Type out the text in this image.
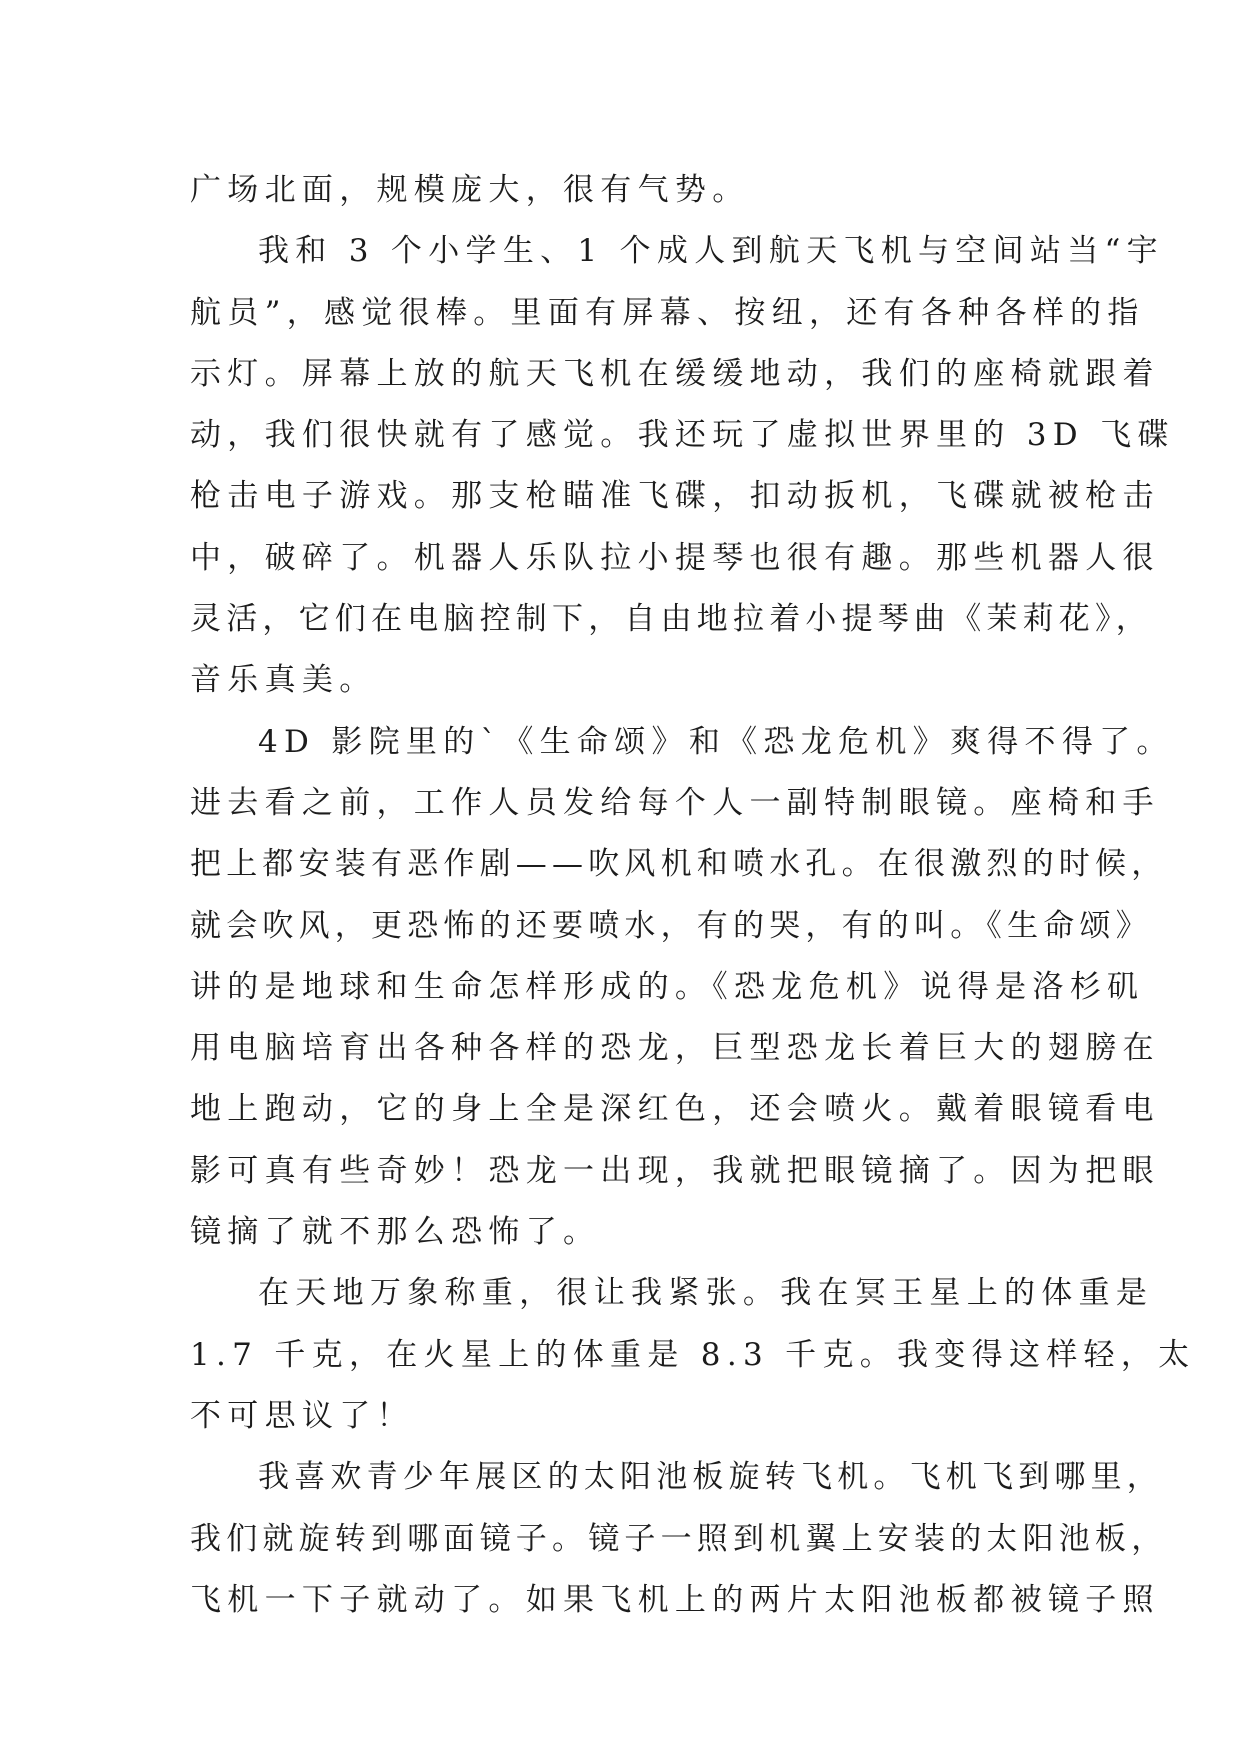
广场北面，规模庞大，很有气势。
我和 3 个小学生、1 个成人到航天飞机与空间站当“宇
航员”，感觉很棒。里面有屏幕、按纽，还有各种各样的指
示灯。屏幕上放的航天飞机在缓缓地动，我们的座椅就跟着
动，我们很快就有了感觉。我还玩了虚拟世界里的 3D 飞碟
枪击电子游戏。那支枪瞄准飞碟，扣动扳机，飞碟就被枪击
中，破碎了。机器人乐队拉小提琴也很有趣。那些机器人很
灵活，它们在电脑控制下，自由地拉着小提琴曲《茉莉花》，
音乐真美。
4D 影院里的`《生命颂》和《恐龙危机》爽得不得了。
进去看之前，工作人员发给每个人一副特制眼镜。座椅和手
把上都安装有恶作剧——吹风机和喷水孔。在很激烈的时候，
就会吹风，更恐怖的还要喷水，有的哭，有的叫。《生命颂》
讲的是地球和生命怎样形成的。《恐龙危机》说得是洛杉矶
用电脑培育出各种各样的恐龙，巨型恐龙长着巨大的翅膀在
地上跑动，它的身上全是深红色，还会喷火。戴着眼镜看电
影可真有些奇妙！恐龙一出现，我就把眼镜摘了。因为把眼
镜摘了就不那么恐怖了。
在天地万象称重，很让我紧张。我在冥王星上的体重是
1.7 千克，在火星上的体重是 8.3 千克。我变得这样轻，太
不可思议了！
我喜欢青少年展区的太阳池板旋转飞机。飞机飞到哪里，
我们就旋转到哪面镜子。镜子一照到机翼上安装的太阳池板，
飞机一下子就动了。如果飞机上的两片太阳池板都被镜子照
